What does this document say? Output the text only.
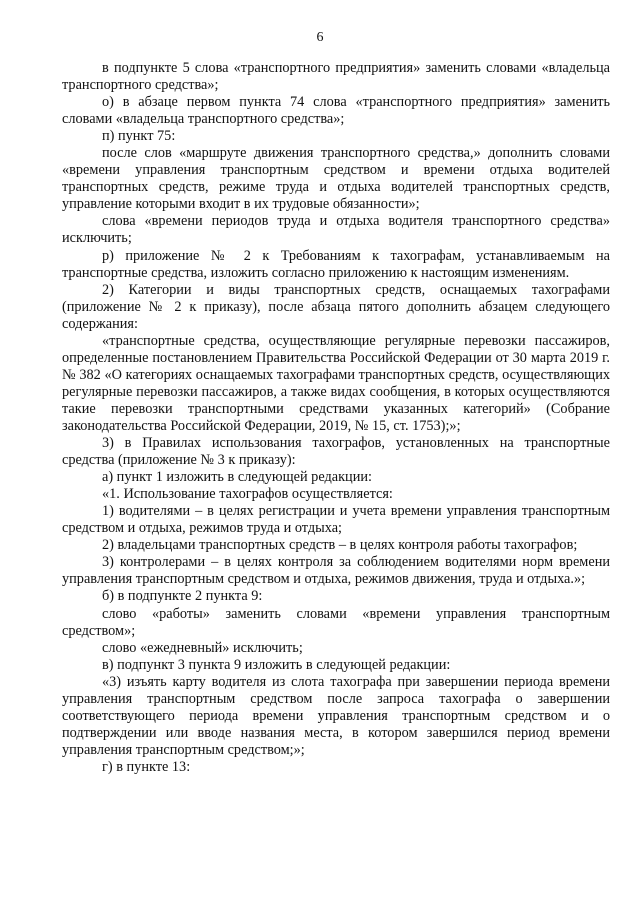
6

в подпункте 5 слова «транспортного предприятия» заменить словами «владельца транспортного средства»;

о) в абзаце первом пункта 74 слова «транспортного предприятия» заменить словами «владельца транспортного средства»;

п) пункт 75:

после слов «маршруте движения транспортного средства,» дополнить словами «времени управления транспортным средством и времени отдыха водителей транспортных средств, режиме труда и отдыха водителей транспортных средств, управление которыми входит в их трудовые обязанности»;

слова «времени периодов труда и отдыха водителя транспортного средства» исключить;

р) приложение № 2 к Требованиям к тахографам, устанавливаемым на транспортные средства, изложить согласно приложению к настоящим изменениям.

2) Категории и виды транспортных средств, оснащаемых тахографами (приложение № 2 к приказу), после абзаца пятого дополнить абзацем следующего содержания:

«транспортные средства, осуществляющие регулярные перевозки пассажиров, определенные постановлением Правительства Российской Федерации от 30 марта 2019 г. № 382 «О категориях оснащаемых тахографами транспортных средств, осуществляющих регулярные перевозки пассажиров, а также видах сообщения, в которых осуществляются такие перевозки транспортными средствами указанных категорий» (Собрание законодательства Российской Федерации, 2019, № 15, ст. 1753);»;

3) в Правилах использования тахографов, установленных на транспортные средства (приложение № 3 к приказу):

а) пункт 1 изложить в следующей редакции:

«1. Использование тахографов осуществляется:

1) водителями – в целях регистрации и учета времени управления транспортным средством и отдыха, режимов труда и отдыха;

2) владельцами транспортных средств – в целях контроля работы тахографов;

3) контролерами – в целях контроля за соблюдением водителями норм времени управления транспортным средством и отдыха, режимов движения, труда и отдыха.»;

б) в подпункте 2 пункта 9:

слово «работы» заменить словами «времени управления транспортным средством»;

слово «ежедневный» исключить;

в) подпункт 3 пункта 9 изложить в следующей редакции:

«3) изъять карту водителя из слота тахографа при завершении периода времени управления транспортным средством после запроса тахографа о завершении соответствующего периода времени управления транспортным средством и о подтверждении или вводе названия места, в котором завершился период времени управления транспортным средством;»;

г) в пункте 13:
